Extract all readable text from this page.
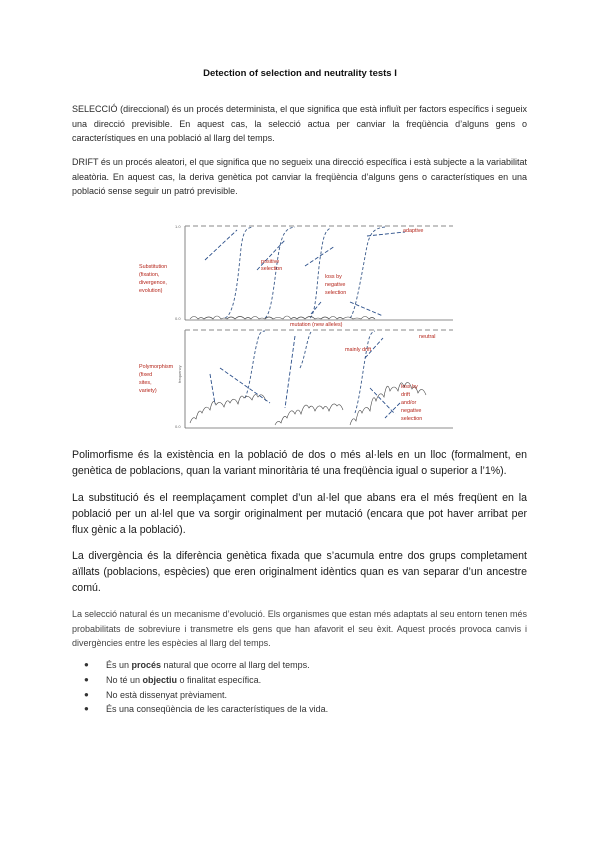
Detection of selection and neutrality tests I

SELECCIÓ (direccional) és un procés determinista, el que significa que està influït per factors específics i segueix una direcció previsible. En aquest cas, la selecció actua per canviar la freqüència d’alguns gens o característiques en una població al llarg del temps.

DRIFT és un procés aleatori, el que significa que no segueix una direcció específica i està subjecte a la variabilitat aleatòria. En aquest cas, la deriva genètica pot canviar la freqüència d’alguns gens o característiques en una població sense seguir un patró previsible.

1.0
0.0
0.0
frequency
adaptive
positive
selection
Substitution
(fixation,
divergence,
evolution)
loss by
negative
selection
mutation (new alleles)
neutral
mainly drift
Polymorphism
(fixed
sites,
variety)
loss by
drift
and/or
negative
selection

Polimorfisme és la existència en la població de dos o més al·lels en un lloc (formalment, en genètica de poblacions, quan la variant minoritària té una freqüència igual o superior a l’1%).

La substitució és el reemplaçament complet d’un al·lel que abans era el més freqüent en la població per un al·lel que va sorgir originalment per mutació (encara que pot haver arribat per flux gènic a la població).

La divergència és la diferència genètica fixada que s’acumula entre dos grups completament aïllats (poblacions, espècies) que eren originalment idèntics quan es van separar d’un ancestre comú.

La selecció natural és un mecanisme d’evolució. Els organismes que estan més adaptats al seu entorn tenen més probabilitats de sobreviure i transmetre els gens que han afavorit el seu èxit. Aquest procés provoca canvis i divergències entre les espècies al llarg del temps.

● És un procés natural que ocorre al llarg del temps.
● No té un objectiu o finalitat específica.
● No està dissenyat prèviament.
● És una conseqüència de les característiques de la vida.
